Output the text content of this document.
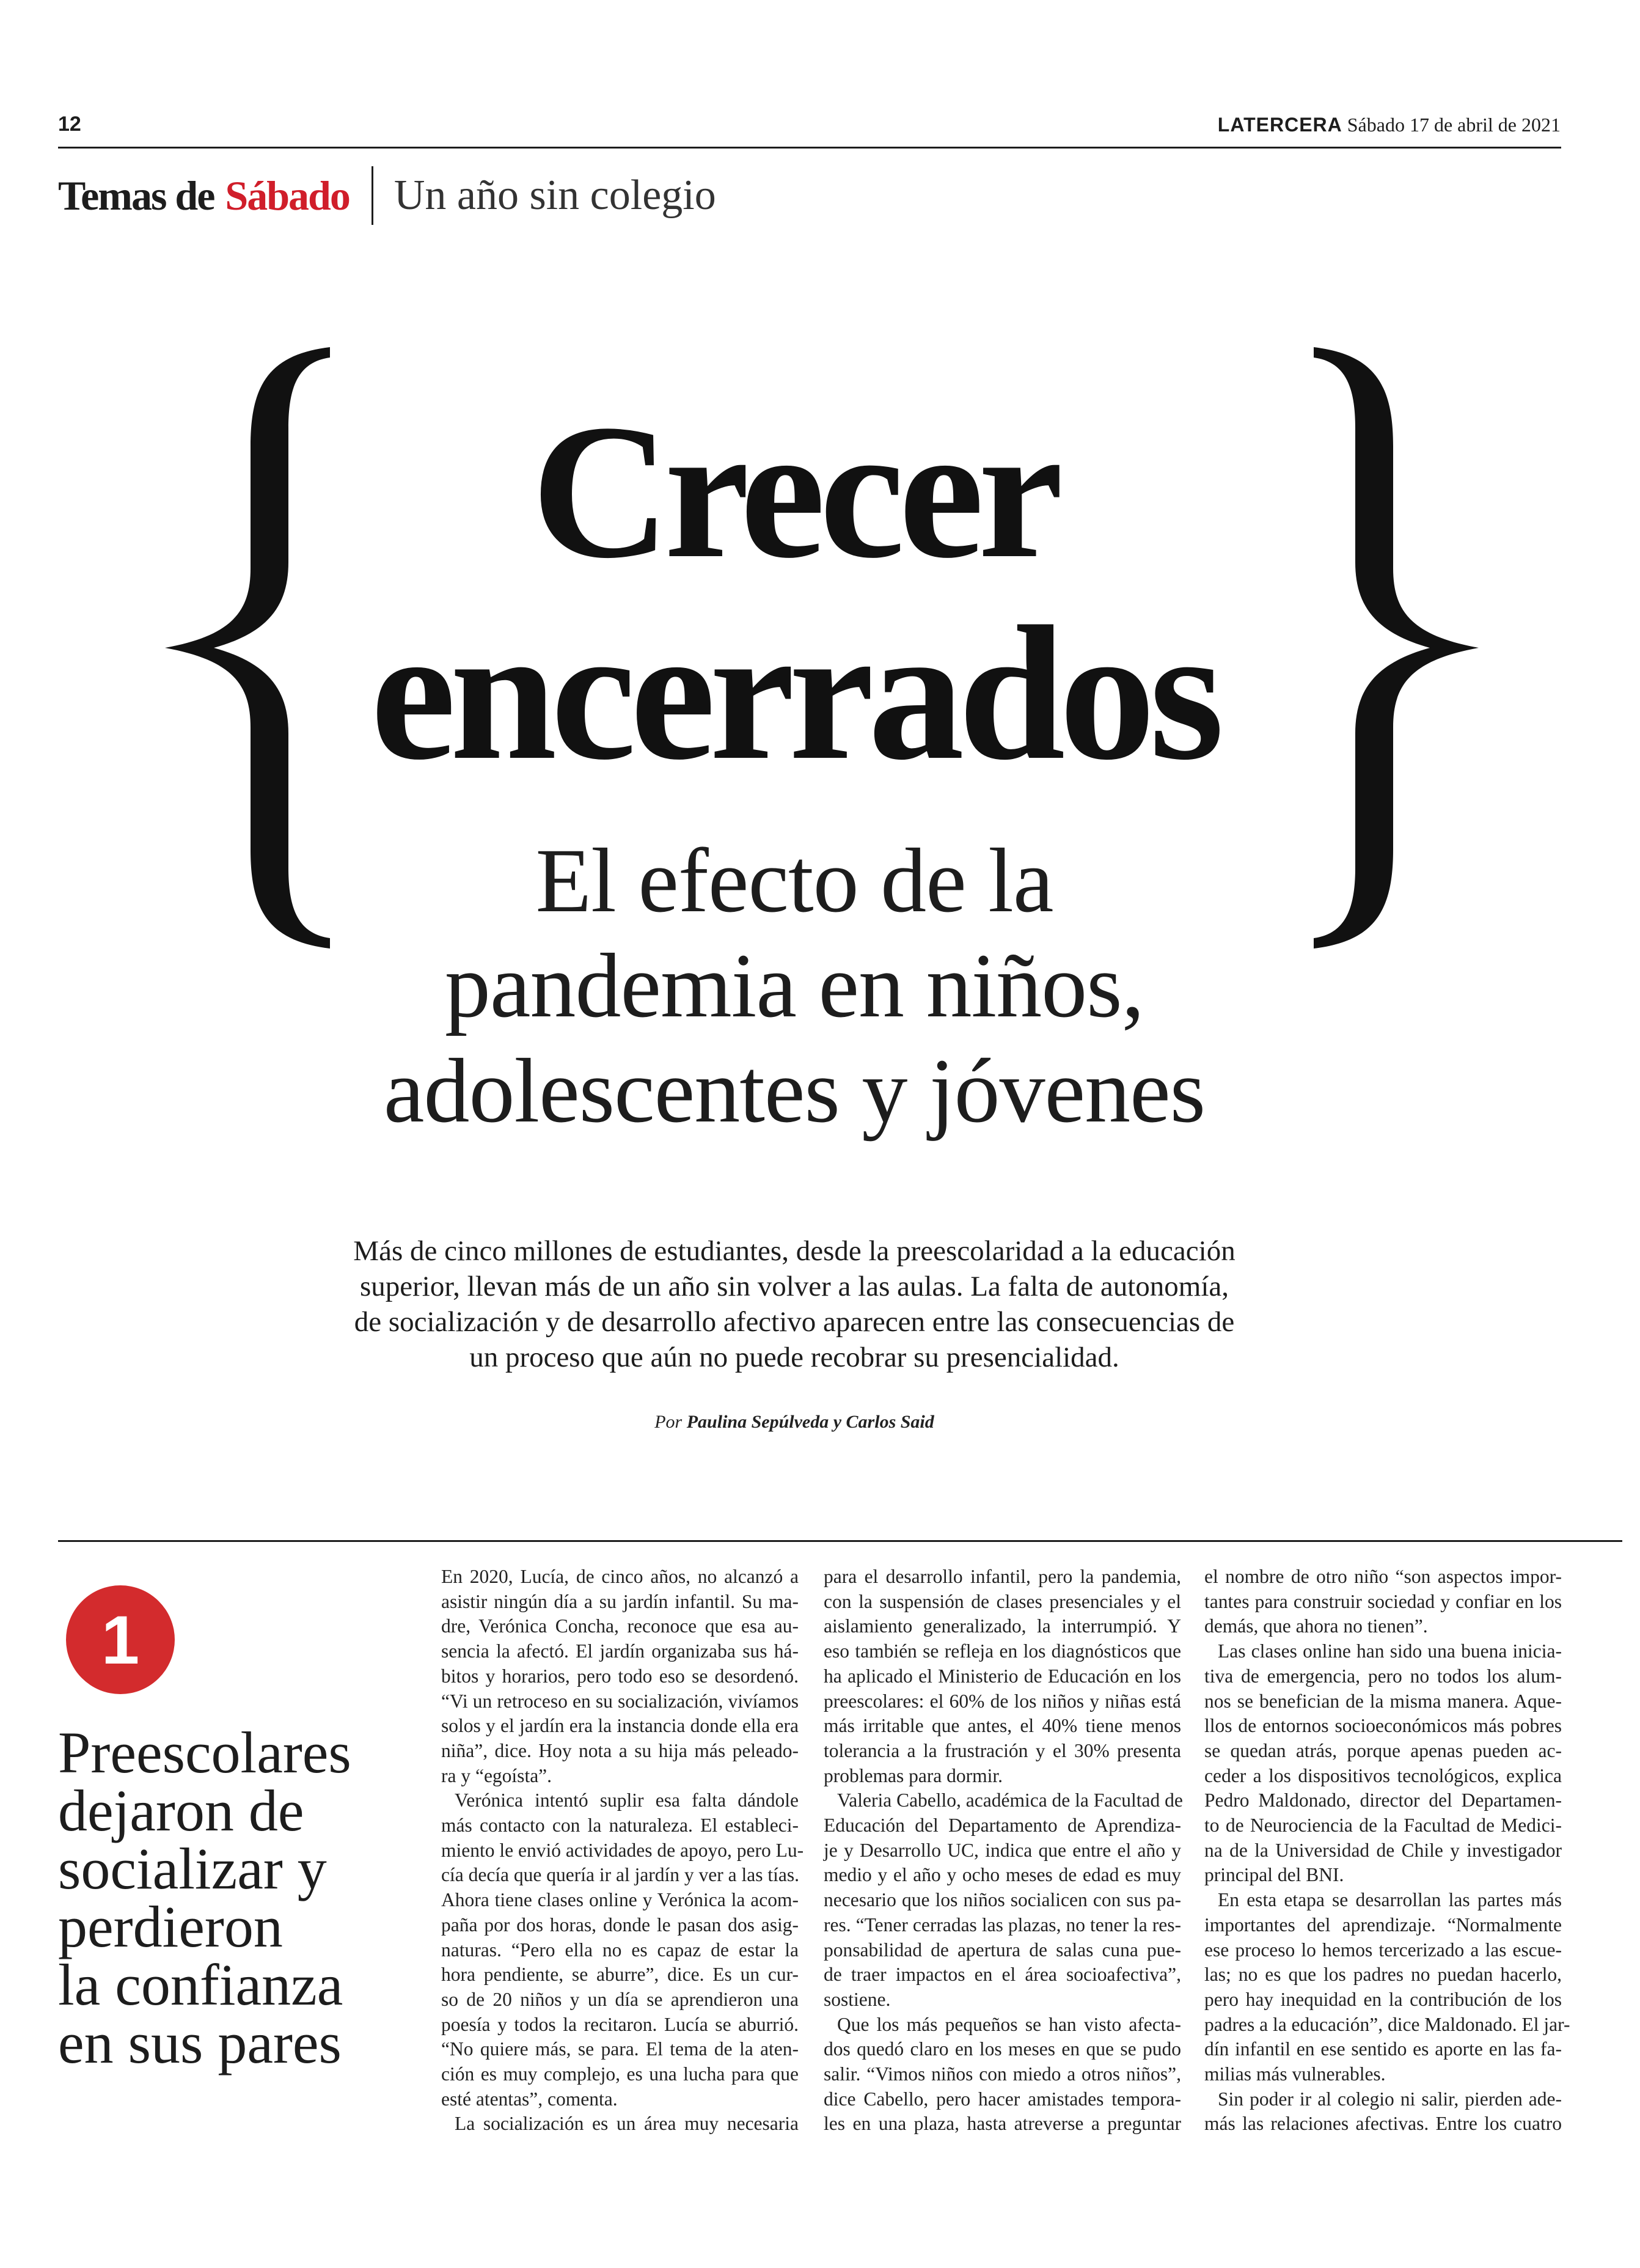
12	LATERCERA Sábado 17 de abril de 2021
Temas de Sábado Un año sin colegio
Crecer
encerrados
El efecto de la
pandemia en niños,
adolescentes y jóvenes
Más de cinco millones de estudiantes, desde la preescolaridad a la educación
superior, llevan más de un año sin volver a las aulas. La falta de autonomía,
de socialización y de desarrollo afectivo aparecen entre las consecuencias de
un proceso que aún no puede recobrar su presencialidad.
Por Paulina Sepúlveda y Carlos Said
1
Preescolares
dejaron de
socializar y
perdieron
la confianza
en sus pares
En 2020, Lucía, de cinco años, no alcanzó a
asistir ningún día a su jardín infantil. Su ma-
dre, Verónica Concha, reconoce que esa au-
sencia la afectó. El jardín organizaba sus há-
bitos y horarios, pero todo eso se desordenó.
“Vi un retroceso en su socialización, vivíamos
solos y el jardín era la instancia donde ella era
niña”, dice. Hoy nota a su hija más peleado-
ra y “egoísta”.
Verónica intentó suplir esa falta dándole
más contacto con la naturaleza. El estableci-
miento le envió actividades de apoyo, pero Lu-
cía decía que quería ir al jardín y ver a las tías.
Ahora tiene clases online y Verónica la acom-
paña por dos horas, donde le pasan dos asig-
naturas. “Pero ella no es capaz de estar la
hora pendiente, se aburre”, dice. Es un cur-
so de 20 niños y un día se aprendieron una
poesía y todos la recitaron. Lucía se aburrió.
“No quiere más, se para. El tema de la aten-
ción es muy complejo, es una lucha para que
esté atentas”, comenta.
La socialización es un área muy necesaria
para el desarrollo infantil, pero la pandemia,
con la suspensión de clases presenciales y el
aislamiento generalizado, la interrumpió. Y
eso también se refleja en los diagnósticos que
ha aplicado el Ministerio de Educación en los
preescolares: el 60% de los niños y niñas está
más irritable que antes, el 40% tiene menos
tolerancia a la frustración y el 30% presenta
problemas para dormir.
Valeria Cabello, académica de la Facultad de
Educación del Departamento de Aprendiza-
je y Desarrollo UC, indica que entre el año y
medio y el año y ocho meses de edad es muy
necesario que los niños socialicen con sus pa-
res. “Tener cerradas las plazas, no tener la res-
ponsabilidad de apertura de salas cuna pue-
de traer impactos en el área socioafectiva”,
sostiene.
Que los más pequeños se han visto afecta-
dos quedó claro en los meses en que se pudo
salir. “Vimos niños con miedo a otros niños”,
dice Cabello, pero hacer amistades tempora-
les en una plaza, hasta atreverse a preguntar
el nombre de otro niño “son aspectos impor-
tantes para construir sociedad y confiar en los
demás, que ahora no tienen”.
Las clases online han sido una buena inicia-
tiva de emergencia, pero no todos los alum-
nos se benefician de la misma manera. Aque-
llos de entornos socioeconómicos más pobres
se quedan atrás, porque apenas pueden ac-
ceder a los dispositivos tecnológicos, explica
Pedro Maldonado, director del Departamen-
to de Neurociencia de la Facultad de Medici-
na de la Universidad de Chile y investigador
principal del BNI.
En esta etapa se desarrollan las partes más
importantes del aprendizaje. “Normalmente
ese proceso lo hemos tercerizado a las escue-
las; no es que los padres no puedan hacerlo,
pero hay inequidad en la contribución de los
padres a la educación”, dice Maldonado. El jar-
dín infantil en ese sentido es aporte en las fa-
milias más vulnerables.
Sin poder ir al colegio ni salir, pierden ade-
más las relaciones afectivas. Entre los cuatro
